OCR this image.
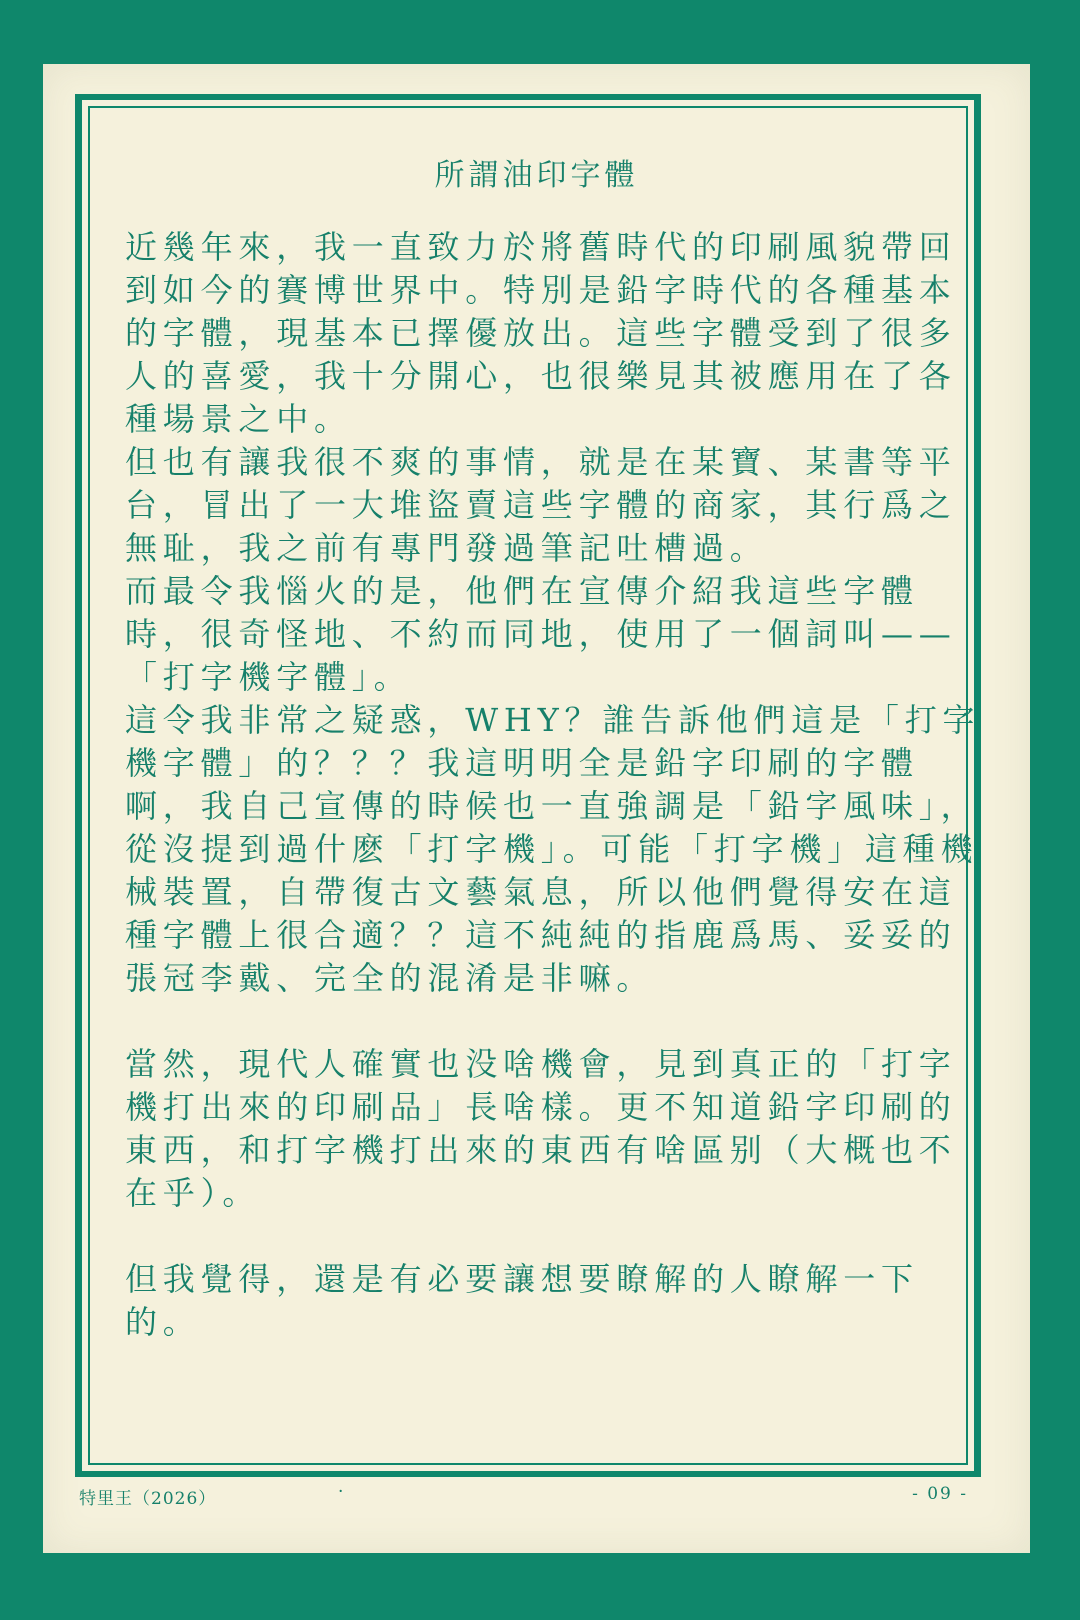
所謂油印字體

近幾年來，我一直致力於將舊時代的印刷風貌帶回到如今的賽博世界中。特別是鉛字時代的各種基本的字體，現基本已擇優放出。這些字體受到了很多人的喜愛，我十分開心，也很樂見其被應用在了各種場景之中。

但也有讓我很不爽的事情，就是在某寶、某書等平台，冒出了一大堆盜賣這些字體的商家，其行爲之無耻，我之前有專門發過筆記吐槽過。

而最令我惱火的是，他們在宣傳介紹我這些字體時，很奇怪地、不約而同地，使用了一個詞叫——「打字機字體」。

這令我非常之疑惑，WHY？誰告訴他們這是「打字機字體」的？？？我這明明全是鉛字印刷的字體啊，我自己宣傳的時候也一直強調是「鉛字風味」，從沒提到過什麽「打字機」。可能「打字機」這種機械裝置，自帶復古文藝氣息，所以他們覺得安在這種字體上很合適？？這不純純的指鹿爲馬、妥妥的張冠李戴、完全的混淆是非嘛。

當然，現代人確實也没啥機會，見到真正的「打字機打出來的印刷品」長啥樣。更不知道鉛字印刷的東西，和打字機打出來的東西有啥區别（大概也不在乎）。

但我覺得，還是有必要讓想要瞭解的人瞭解一下的。

特里王（2026）	·	- 09 -
